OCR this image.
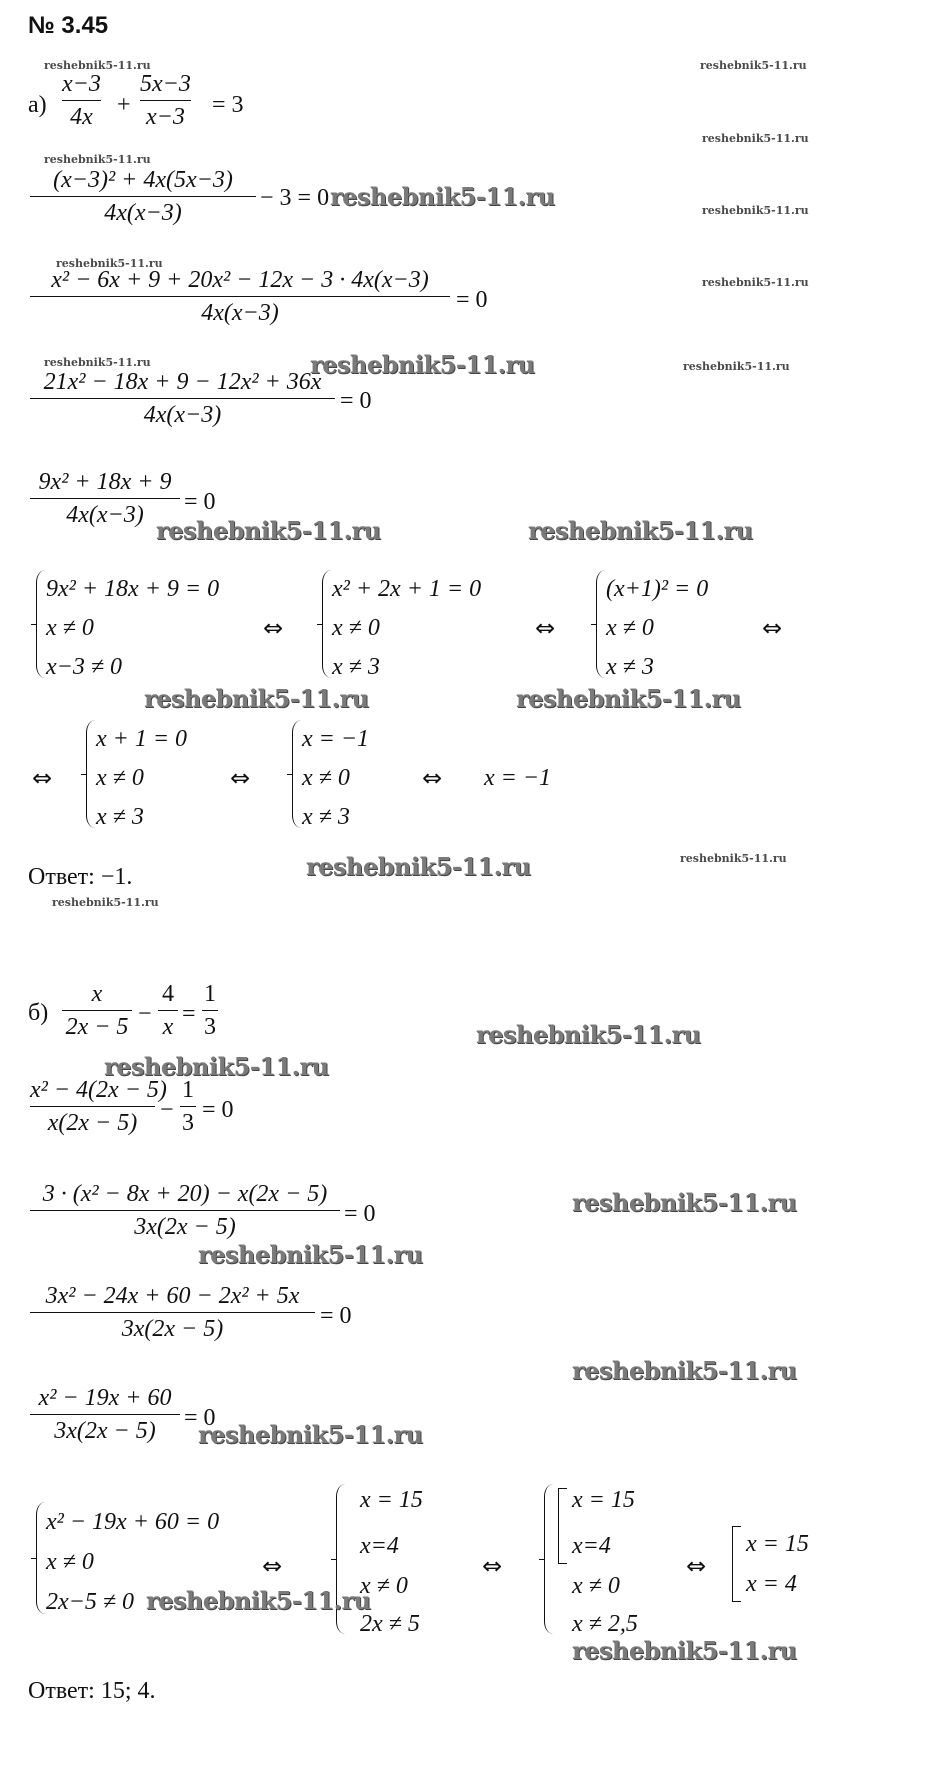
№ 3.45
а)
x−3
4x	+
5x−3
x−3 = 3
(x−3)² + 4x(5x−3)
4x(x−3)
− 3 = 0
x² − 6x + 9 + 20x² − 12x − 3 · 4x(x−3)
4x(x−3)	= 0
21x² − 18x + 9 − 12x² + 36x
4x(x−3)
= 0
9x² + 18x + 9
4x(x−3)	= 0
9x² + 18x + 9 = 0
x ≠ 0
x−3 ≠ 0
⇔
x² + 2x + 1 = 0
x ≠ 0
x ≠ 3
⇔
(x+1)² = 0
x ≠ 0
x ≠ 3
⇔
⇔
x + 1 = 0
x ≠ 0
x ≠ 3
⇔
x = −1
x ≠ 0
x ≠ 3
⇔ x = −1
Ответ: −1.
б)
x
2x − 5 −
4
x =
1
3
x² − 4(2x − 5)
x(2x − 5) −
1
3 = 0
3 · (x² − 8x + 20) − x(2x − 5)
3x(2x − 5)	= 0
3x² − 24x + 60 − 2x² + 5x
3x(2x − 5)	= 0
x² − 19x + 60
3x(2x − 5)	= 0
x² − 19x + 60 = 0
x ≠ 0
2x−5 ≠ 0
⇔
x = 15
x=4
x ≠ 0
2x ≠ 5
⇔
x = 15
x=4
x ≠ 0
x ≠ 2,5
⇔
x = 15
x = 4
Ответ: 15; 4.
reshebnik5-11.ru	reshebnik5-11.ru
reshebnik5-11.ru
reshebnik5-11.ru
reshebnik5-11.ru
reshebnik5-11.ru
reshebnik5-11.ru
reshebnik5-11.ru	reshebnik5-11.ru
reshebnik5-11.ru
reshebnik5-11.ru
reshebnik5-11.ru
reshebnik5-11.ru
reshebnik5-11.ru	reshebnik5-11.ru
reshebnik5-11.ru	reshebnik5-11.ru
reshebnik5-11.ru
reshebnik5-11.ru
reshebnik5-11.ru
reshebnik5-11.ru
reshebnik5-11.ru
reshebnik5-11.ru
reshebnik5-11.ru
reshebnik5-11.ru
reshebnik5-11.ru
